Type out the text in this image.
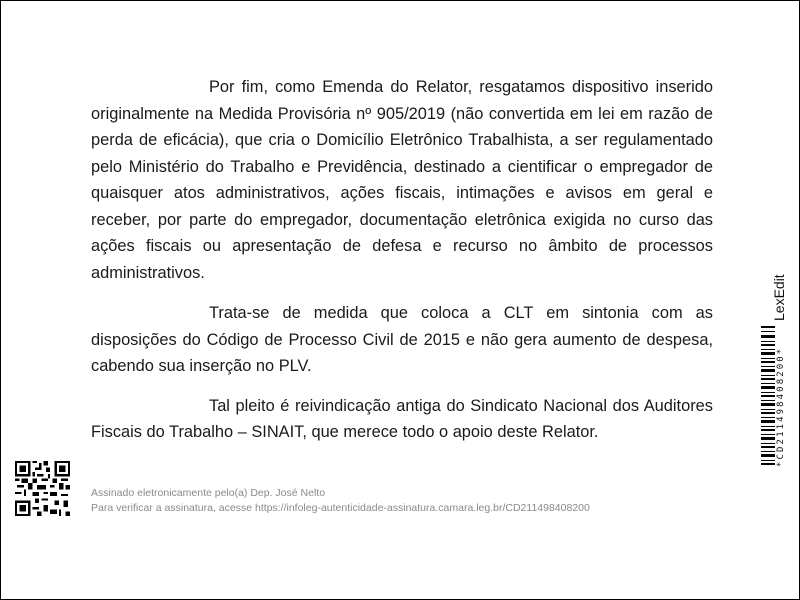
Por fim, como Emenda do Relator, resgatamos dispositivo inserido originalmente na Medida Provisória nº 905/2019 (não convertida em lei em razão de perda de eficácia), que cria o Domicílio Eletrônico Trabalhista, a ser regulamentado pelo Ministério do Trabalho e Previdência, destinado a cientificar o empregador de quaisquer atos administrativos, ações fiscais, intimações e avisos em geral e receber, por parte do empregador, documentação eletrônica exigida no curso das ações fiscais ou apresentação de defesa e recurso no âmbito de processos administrativos.

Trata-se de medida que coloca a CLT em sintonia com as disposições do Código de Processo Civil de 2015 e não gera aumento de despesa, cabendo sua inserção no PLV.

Tal pleito é reivindicação antiga do Sindicato Nacional dos Auditores Fiscais do Trabalho – SINAIT, que merece todo o apoio deste Relator.

Assinado eletronicamente pelo(a) Dep. José Nelto
Para verificar a assinatura, acesse https://infoleg-autenticidade-assinatura.camara.leg.br/CD211498408200
LexEdit
*CD211498408200*
